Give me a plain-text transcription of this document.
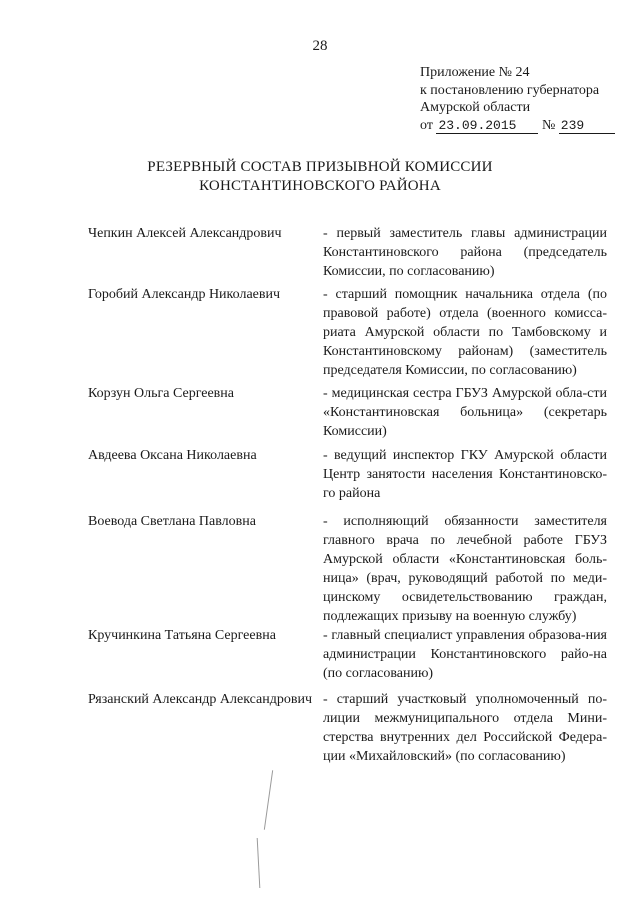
28
Приложение № 24
к постановлению губернатора
Амурской области
от 23.09.2015 № 239
РЕЗЕРВНЫЙ СОСТАВ ПРИЗЫВНОЙ КОМИССИИ
КОНСТАНТИНОВСКОГО РАЙОНА
Чепкин Алексей Александрович	- первый заместитель главы администрации Константиновского района (председатель Комиссии, по согласованию)
Горобий Александр Николаевич	- старший помощник начальника отдела (по правовой работе) отдела (военного комисса-риата Амурской области по Тамбовскому и Константиновскому районам) (заместитель председателя Комиссии, по согласованию)
Корзун Ольга Сергеевна	- медицинская сестра ГБУЗ Амурской обла-сти «Константиновская больница» (секретарь Комиссии)
Авдеева Оксана Николаевна	- ведущий инспектор ГКУ Амурской области Центр занятости населения Константиновско-го района
Воевода Светлана Павловна	- исполняющий обязанности заместителя главного врача по лечебной работе ГБУЗ Амурской области «Константиновская боль-ница» (врач, руководящий работой по меди-цинскому освидетельствованию граждан, подлежащих призыву на военную службу)
Кручинкина Татьяна Сергеевна	- главный специалист управления образова-ния администрации Константиновского райо-на (по согласованию)
Рязанский Александр Александрович - старший участковый уполномоченный по-лиции межмуниципального отдела Мини-стерства внутренних дел Российской Федера-ции «Михайловский» (по согласованию)
